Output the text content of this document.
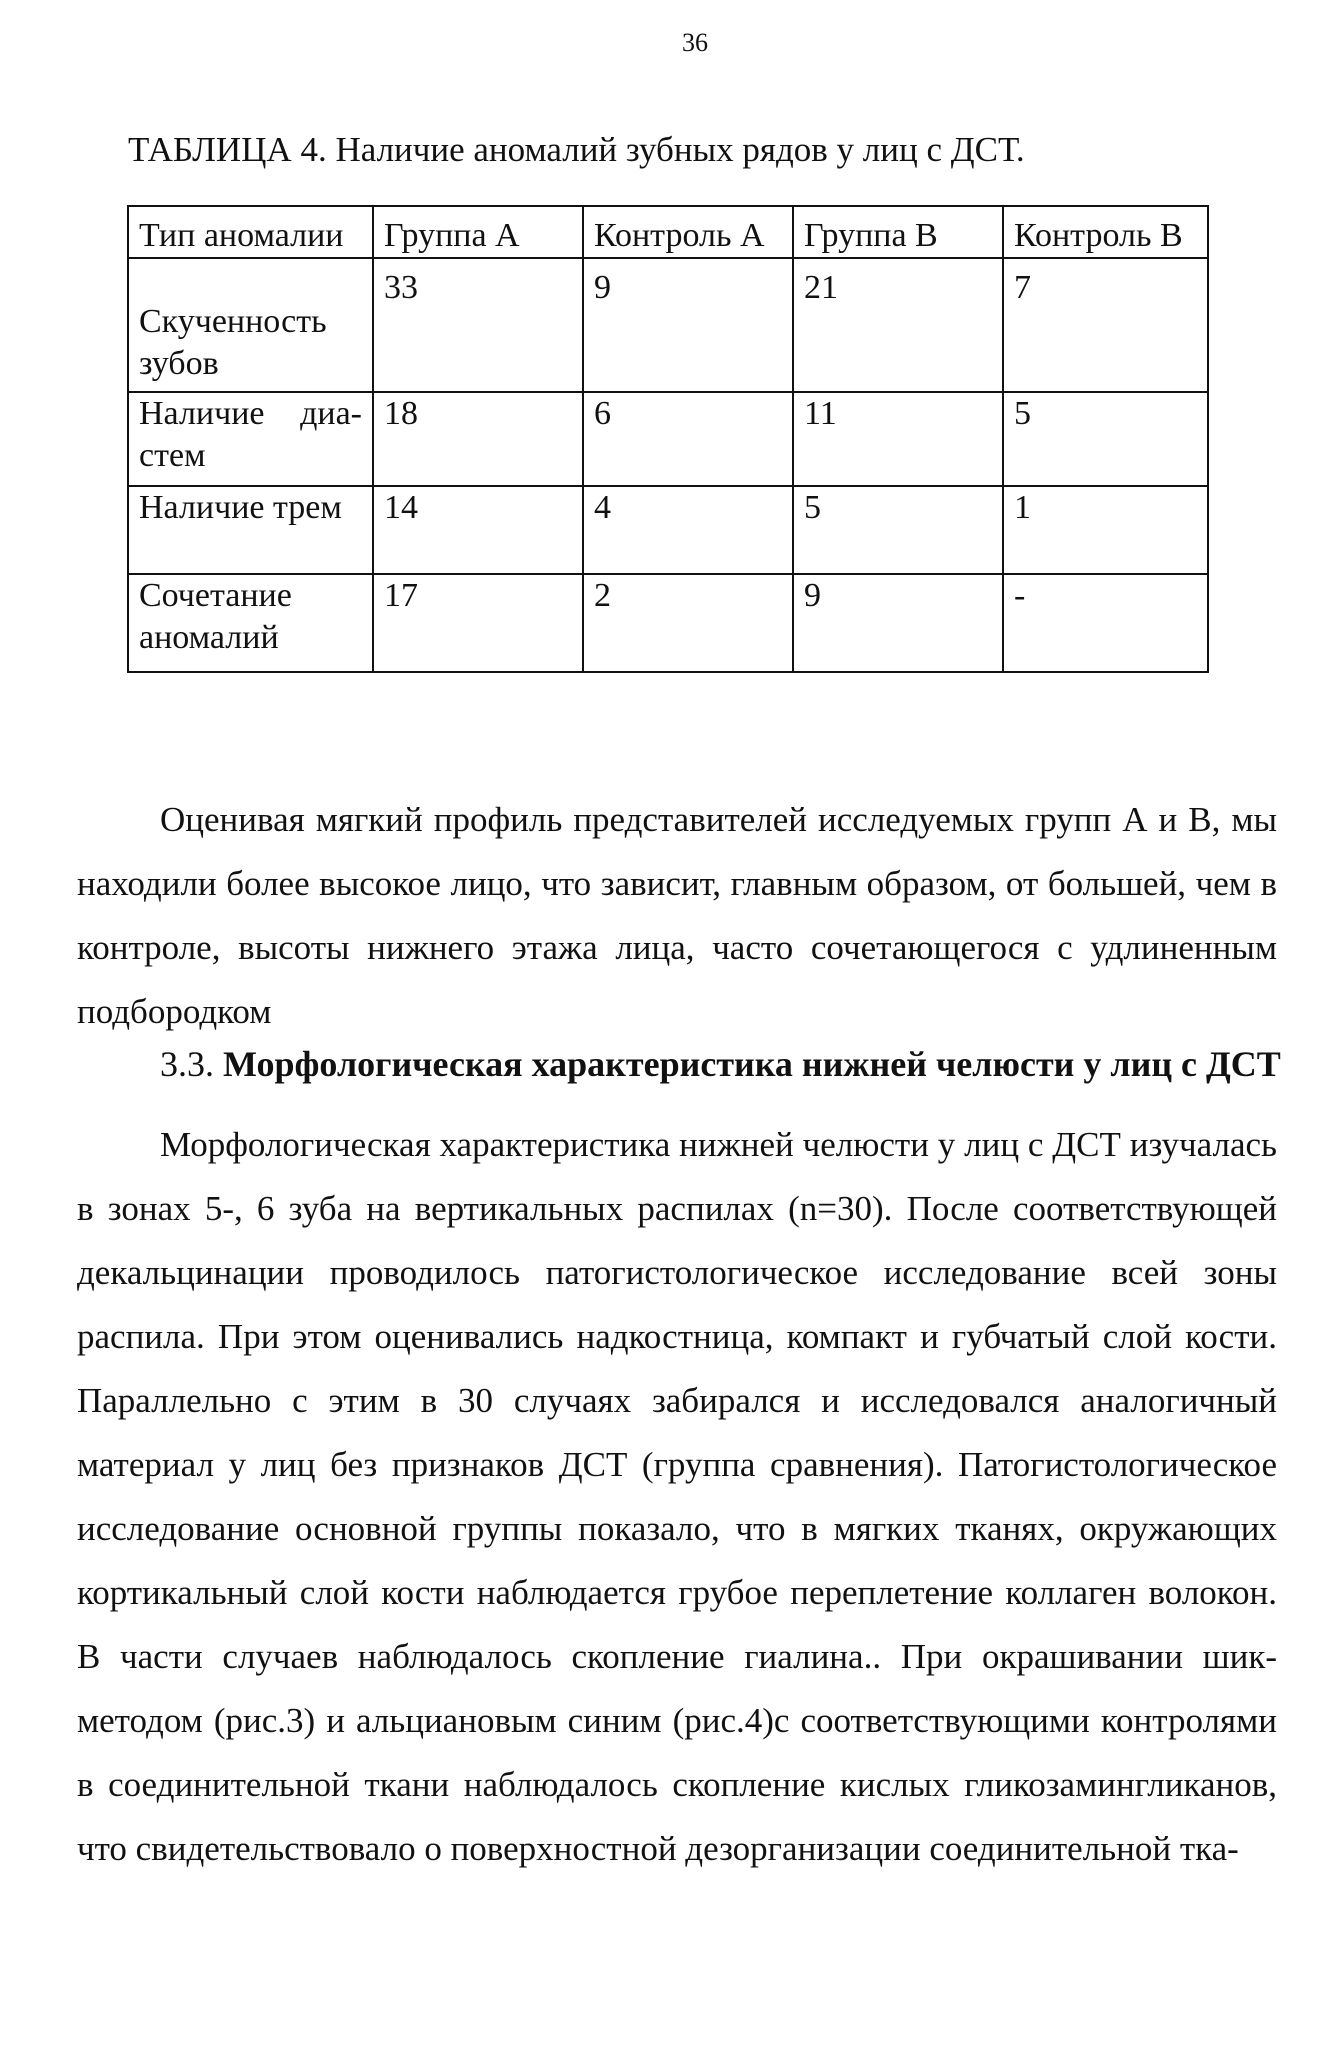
36
ТАБЛИЦА 4. Наличие аномалий зубных рядов у лиц с ДСТ.
Тип аномалии	Группа А	Контроль А	Группа В	Контроль В
Скученность зубов	33	9	21	7

Наличие диа- стем	18	6	11	5
Наличие трем	14	4	5	1
Сочетание аномалий	17	2	9	-

Оценивая мягкий профиль представителей исследуемых групп А и В, мы находили более высокое лицо, что зависит, главным образом, от большей, чем в контроле, высоты нижнего этажа лица, часто сочетающегося с удлиненным подбородком

3.3. Морфологическая характеристика нижней челюсти у лиц с ДСТ

Морфологическая характеристика нижней челюсти у лиц с ДСТ изучалась в зонах 5-, 6 зуба на вертикальных распилах (n=30). После соответствующей декальцинации проводилось патогистологическое исследование всей зоны распила. При этом оценивались надкостница, компакт и губчатый слой кости. Параллельно с этим в 30 случаях забирался и исследовался аналогичный материал у лиц без признаков ДСТ (группа сравнения). Патогистологическое исследование основной группы показало, что в мягких тканях, окружающих кортикальный слой кости наблюдается грубое переплетение коллаген волокон. В части случаев наблюдалось скопление гиалина.. При окрашивании шик-методом (рис.3) и альциановым синим (рис.4)с соответствующими контролями в соединительной ткани наблюдалось скопление кислых гликозамингликанов, что свидетельствовало о поверхностной дезорганизации соединительной тка-
